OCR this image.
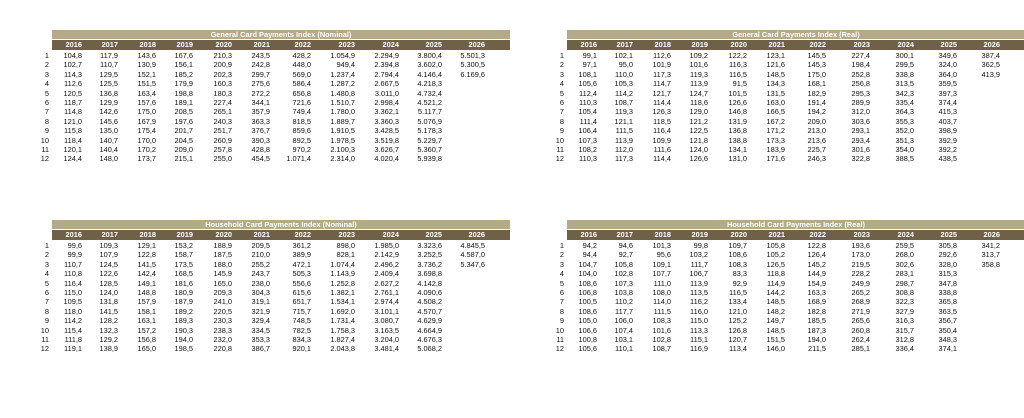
General Card Payments Index (Nominal)
2016	2017	2018	2019	2020	2021	2022	2023	2024	2025	2026
1	104,8	117,9	143,6	167,6	210,3	243,5	428,2	1.054,9	2.294,9	3.800,4	5.501,3
2	102,7	110,7	130,9	156,1	200,9	242,8	448,0	949,4	2.394,8	3.602,0	5.300,5
3	114,3	129,5	152,1	185,2	202,3	299,7	569,0	1.237,4	2.794,4	4.146,4	6.169,6
4	112,6	125,5	151,5	179,9	160,3	275,6	586,4	1.287,2	2.667,5	4.218,3
5	120,5	136,8	163,4	198,8	180,3	272,2	656,8	1.480,8	3.011,0	4.732,4
6	118,7	129,9	157,6	189,1	227,4	344,1	721,6	1.510,7	2.998,4	4.521,2
7	114,8	142,6	175,0	208,5	265,1	357,9	749,4	1.780,0	3.362,1	5.117,7
8	121,0	145,6	167,9	197,6	240,3	363,3	818,5	1.889,7	3.360,3	5.076,9
9	115,8	135,0	175,4	201,7	251,7	376,7	859,6	1.910,5	3.428,5	5.178,3
10	118,4	140,7	170,0	204,5	260,9	390,3	892,5	1.978,5	3.519,8	5.229,7
11	120,1	140,4	170,2	209,0	257,8	428,8	970,2	2.100,3	3.626,7	5.360,7
12	124,4	148,0	173,7	215,1	255,0	454,5	1.071,4	2.314,0	4.020,4	5.939,8
General Card Payments Index (Real)
2016	2017	2018	2019	2020	2021	2022	2023	2024	2025	2026
1	99,1	102,1	112,6	109,2	122,2	123,1	145,5	227,4	300,1	349,6	387,4
2	97,1	95,0	101,9	101,6	116,3	121,6	145,3	198,4	299,5	324,0	362,5
3	108,1	110,0	117,3	119,3	116,5	148,5	175,0	252,8	338,8	364,0	413,9
4	105,6	105,3	114,7	113,9	91,5	134,3	168,1	256,8	313,5	359,5
5	112,4	114,2	121,7	124,7	101,5	131,5	182,9	295,3	342,3	397,3
6	110,3	108,7	114,4	118,6	126,6	163,0	191,4	289,9	335,4	374,4
7	105,4	119,3	126,3	129,0	146,8	166,5	194,2	312,0	364,3	415,3
8	111,4	121,1	118,5	121,2	131,9	167,2	209,0	303,6	355,3	403,7
9	106,4	111,5	116,4	122,5	136,8	171,2	213,0	293,1	352,0	398,9
10	107,3	113,9	109,9	121,8	138,8	173,3	213,6	293,4	351,3	392,9
11	108,2	112,0	111,6	124,0	134,1	183,9	225,7	301,6	354,0	392,2
12	110,3	117,3	114,4	126,6	131,0	171,6	246,3	322,8	388,5	438,5
Household Card Payments Index (Nominal)
2016	2017	2018	2019	2020	2021	2022	2023	2024	2025	2026
1	99,6	109,3	129,1	153,2	188,9	209,5	361,2	898,0	1.985,0	3.323,6	4.845,5
2	99,9	107,9	122,8	158,7	187,5	210,0	389,9	828,1	2.142,9	3.252,5	4.587,0
3	110,7	124,5	141,5	173,5	188,0	255,2	472,1	1.074,4	2.496,2	3.736,2	5.347,6
4	110,8	122,6	142,4	168,5	145,9	243,7	505,3	1.143,9	2.409,4	3.698,8
5	116,4	128,5	149,1	181,6	165,0	238,0	556,6	1.252,8	2.627,2	4.142,8
6	115,0	124,0	148,8	180,9	209,3	304,3	615,6	1.382,1	2.761,1	4.090,6
7	109,5	131,8	157,9	187,9	241,0	319,1	651,7	1.534,1	2.974,4	4.508,2
8	118,0	141,5	158,1	189,2	220,5	321,9	715,7	1.692,0	3.101,1	4.570,7
9	114,2	128,2	163,1	189,3	230,3	329,4	748,5	1.731,4	3.080,7	4.629,9
10	115,4	132,3	157,2	190,3	238,3	334,5	782,5	1.758,3	3.163,5	4.664,9
11	111,8	129,2	156,8	194,0	232,0	353,3	834,3	1.827,4	3.204,0	4.676,3
12	119,1	138,9	165,0	198,5	220,8	386,7	920,1	2.043,8	3.481,4	5.068,2
Household Card Payments Index (Real)
2016	2017	2018	2019	2020	2021	2022	2023	2024	2025	2026
1	94,2	94,6	101,3	99,8	109,7	105,8	122,8	193,6	259,5	305,8	341,2
2	94,4	92,7	95,6	103,2	108,6	105,2	126,4	173,0	268,0	292,6	313,7
3	104,7	105,8	109,1	111,7	108,3	126,5	145,2	219,5	302,6	328,0	358,8
4	104,0	102,8	107,7	106,7	83,3	118,8	144,9	228,2	283,1	315,3
5	108,6	107,3	111,0	113,9	92,9	114,9	154,9	249,9	298,7	347,8
6	106,8	103,8	108,0	113,5	116,5	144,2	163,3	265,2	308,8	338,8
7	100,5	110,2	114,0	116,2	133,4	148,5	168,9	268,9	322,3	365,8
8	108,6	117,7	111,5	116,0	121,0	148,2	182,8	271,9	327,9	363,5
9	105,0	106,0	108,3	115,0	125,2	149,7	185,5	265,6	316,3	356,7
10	106,6	107,4	101,6	113,3	126,8	148,5	187,3	260,8	315,7	350,4
11	100,8	103,1	102,8	115,1	120,7	151,5	194,0	262,4	312,8	348,3
12	105,6	110,1	108,7	116,9	113,4	146,0	211,5	285,1	336,4	374,1
